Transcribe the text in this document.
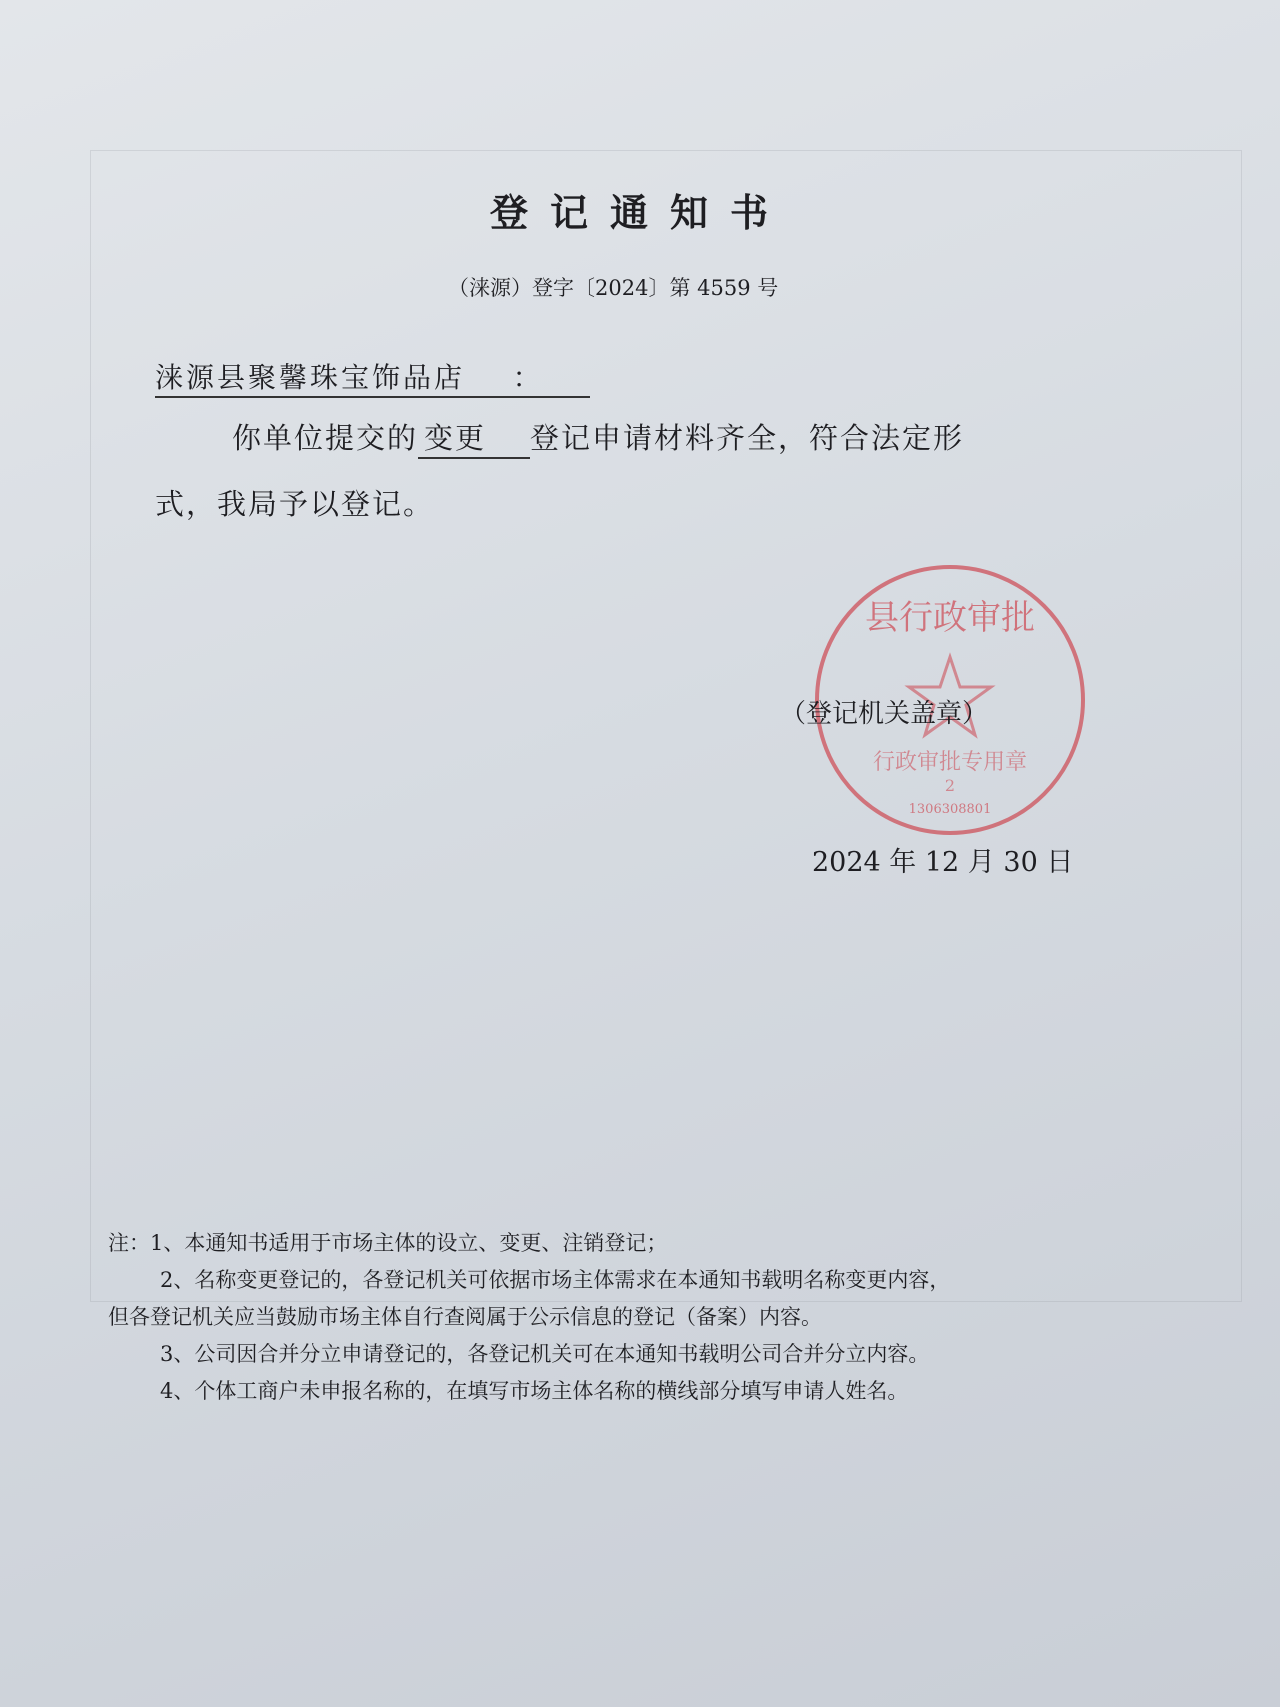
登记通知书
（涞源）登字〔2024〕第 4559 号
涞源县聚馨珠宝饰品店 ：
你单位提交的 变更 登记申请材料齐全，符合法定形
式，我局予以登记。
县行政审批
行政审批专用章
2
1306308801
（登记机关盖章）
2024 年 12 月 30 日
注：1、本通知书适用于市场主体的设立、变更、注销登记；
2、名称变更登记的，各登记机关可依据市场主体需求在本通知书载明名称变更内容，
但各登记机关应当鼓励市场主体自行查阅属于公示信息的登记（备案）内容。
3、公司因合并分立申请登记的，各登记机关可在本通知书载明公司合并分立内容。
4、个体工商户未申报名称的，在填写市场主体名称的横线部分填写申请人姓名。
